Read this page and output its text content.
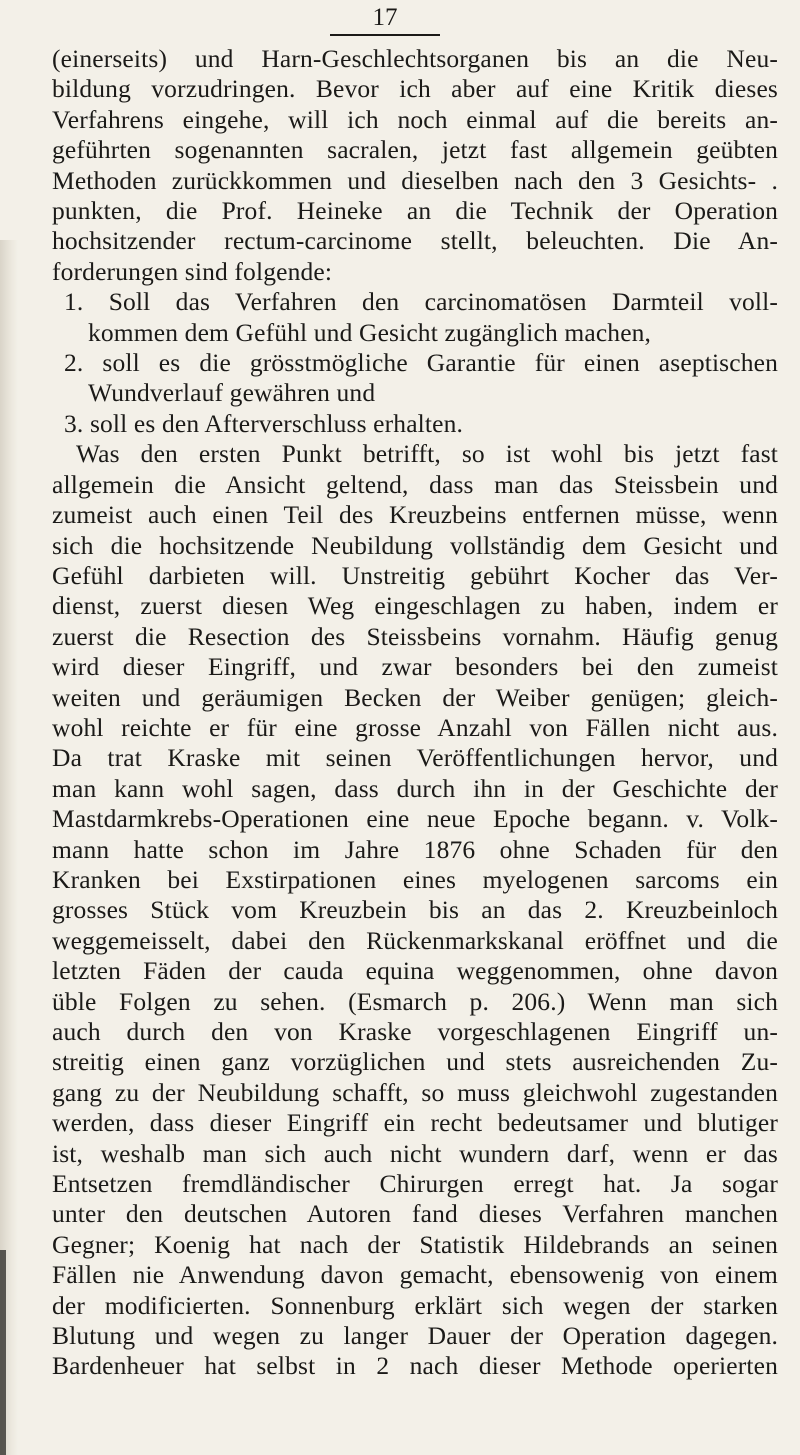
17
(einerseits) und Harn-Geschlechtsorganen bis an die Neu-
bildung vorzudringen. Bevor ich aber auf eine Kritik dieses
Verfahrens eingehe, will ich noch einmal auf die bereits an-
geführten sogenannten sacralen, jetzt fast allgemein geübten
Methoden zurückkommen und dieselben nach den 3 Gesichts- .
punkten, die Prof. Heineke an die Technik der Operation
hochsitzender rectum-carcinome stellt, beleuchten. Die An-
forderungen sind folgende:
1. Soll das Verfahren den carcinomatösen Darmteil voll-
kommen dem Gefühl und Gesicht zugänglich machen,
2. soll es die grösstmögliche Garantie für einen aseptischen
Wundverlauf gewähren und
3. soll es den Afterverschluss erhalten.
Was den ersten Punkt betrifft, so ist wohl bis jetzt fast
allgemein die Ansicht geltend, dass man das Steissbein und
zumeist auch einen Teil des Kreuzbeins entfernen müsse, wenn
sich die hochsitzende Neubildung vollständig dem Gesicht und
Gefühl darbieten will. Unstreitig gebührt Kocher das Ver-
dienst, zuerst diesen Weg eingeschlagen zu haben, indem er
zuerst die Resection des Steissbeins vornahm. Häufig genug
wird dieser Eingriff, und zwar besonders bei den zumeist
weiten und geräumigen Becken der Weiber genügen; gleich-
wohl reichte er für eine grosse Anzahl von Fällen nicht aus.
Da trat Kraske mit seinen Veröffentlichungen hervor, und
man kann wohl sagen, dass durch ihn in der Geschichte der
Mastdarmkrebs-Operationen eine neue Epoche begann. v. Volk-
mann hatte schon im Jahre 1876 ohne Schaden für den
Kranken bei Exstirpationen eines myelogenen sarcoms ein
grosses Stück vom Kreuzbein bis an das 2. Kreuzbeinloch
weggemeisselt, dabei den Rückenmarkskanal eröffnet und die
letzten Fäden der cauda equina weggenommen, ohne davon
üble Folgen zu sehen. (Esmarch p. 206.) Wenn man sich
auch durch den von Kraske vorgeschlagenen Eingriff un-
streitig einen ganz vorzüglichen und stets ausreichenden Zu-
gang zu der Neubildung schafft, so muss gleichwohl zugestanden
werden, dass dieser Eingriff ein recht bedeutsamer und blutiger
ist, weshalb man sich auch nicht wundern darf, wenn er das
Entsetzen fremdländischer Chirurgen erregt hat. Ja sogar
unter den deutschen Autoren fand dieses Verfahren manchen
Gegner; Koenig hat nach der Statistik Hildebrands an seinen
Fällen nie Anwendung davon gemacht, ebensowenig von einem
der modificierten. Sonnenburg erklärt sich wegen der starken
Blutung und wegen zu langer Dauer der Operation dagegen.
Bardenheuer hat selbst in 2 nach dieser Methode operierten
